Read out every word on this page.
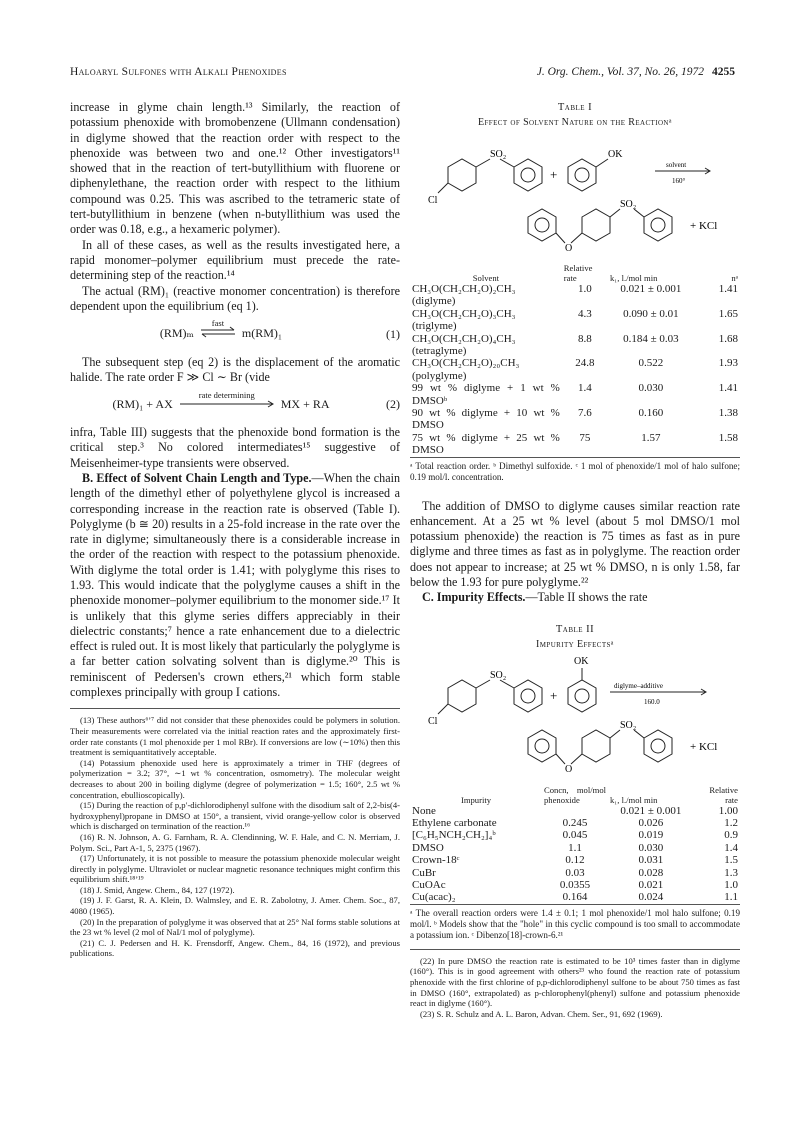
Haloaryl Sulfones with Alkali Phenoxides	J. Org. Chem., Vol. 37, No. 26, 1972 4255

increase in glyme chain length.¹³ Similarly, the reaction of potassium phenoxide with bromobenzene (Ullmann condensation) in diglyme showed that the reaction order with respect to the phenoxide was between two and one.¹² Other investigators¹¹ showed that in the reaction of tert-butyllithium with fluorene or diphenylethane, the reaction order with respect to the lithium compound was 0.25. This was ascribed to the tetrameric state of tert-butyllithium in benzene (when n-butyllithium was used the order was 0.18, e.g., a hexameric polymer).

In all of these cases, as well as the results investigated here, a rapid monomer–polymer equilibrium must precede the rate-determining step of the reaction.¹⁴

The actual (RM)₁ (reactive monomer concentration) is therefore dependent upon the equilibrium (eq 1).

(RM)ₘ
fast
m(RM)₁	(1)

The subsequent step (eq 2) is the displacement of the aromatic halide. The rate order F ≫ Cl ∼ Br (vide

(RM)₁ + AX
rate determining
MX + RA	(2)

infra, Table III) suggests that the phenoxide bond formation is the critical step.³ No colored intermediates¹⁵ suggestive of Meisenheimer-type transients were observed.

B. Effect of Solvent Chain Length and Type.—When the chain length of the dimethyl ether of polyethylene glycol is increased a corresponding increase in the reaction rate is observed (Table I). Polyglyme (b ≅ 20) results in a 25-fold increase in the rate over the rate in diglyme; simultaneously there is a considerable increase in the order of the reaction with respect to the potassium phenoxide. With diglyme the total order is 1.41; with polyglyme this rises to 1.93. This would indicate that the polyglyme causes a shift in the phenoxide monomer–polymer equilibrium to the monomer side.¹⁷ It is unlikely that this glyme series differs appreciably in their dielectric constants;⁷ hence a rate enhancement due to a dielectric effect is ruled out. It is most likely that particularly the polyglyme is a far better cation solvating solvent than is diglyme.²⁰ This is reminiscent of Pedersen's crown ethers,²¹ which form stable complexes principally with group I cations.

(13) These authors⁶ʼ⁷ did not consider that these phenoxides could be polymers in solution. Their measurements were correlated via the initial reaction rates and the approximately first-order rate constants (1 mol phenoxide per 1 mol RBr). If conversions are low (∼10%) then this treatment is semiquantitatively acceptable.

(14) Potassium phenoxide used here is approximately a trimer in THF (degrees of polymerization = 3.2; 37°, ∼1 wt % concentration, osmometry). The molecular weight decreases to about 200 in boiling diglyme (degree of polymerization = 1.5; 160°, 2.5 wt % concentration, ebullioscopically).

(15) During the reaction of p,p′-dichlorodiphenyl sulfone with the disodium salt of 2,2-bis(4-hydroxyphenyl)propane in DMSO at 150°, a transient, vivid orange-yellow color is observed which is discharged on termination of the reaction.¹⁶

(16) R. N. Johnson, A. G. Farnham, R. A. Clendinning, W. F. Hale, and C. N. Merriam, J. Polym. Sci., Part A-1, 5, 2375 (1967).

(17) Unfortunately, it is not possible to measure the potassium phenoxide molecular weight directly in polyglyme. Ultraviolet or nuclear magnetic resonance techniques might confirm this equilibrium shift.¹⁸ʼ¹⁹

(18) J. Smid, Angew. Chem., 84, 127 (1972).

(19) J. F. Garst, R. A. Klein, D. Walmsley, and E. R. Zabolotny, J. Amer. Chem. Soc., 87, 4080 (1965).

(20) In the preparation of polyglyme it was observed that at 25° NaI forms stable solutions at the 23 wt % level (2 mol of NaI/1 mol of polyglyme).

(21) C. J. Pedersen and H. K. Frensdorff, Angew. Chem., 84, 16 (1972), and previous publications.

Table I
Effect of Solvent Nature on the Reactionᵃ
SO₂
Cl
+
OK
solvent
160°
O
SO₂
+ KCl
Solvent	Relative rate	k₁, l./mol min	nᵃ
CH₃O(CH₂CH₂O)₂CH₃ (diglyme)	1.0	0.021 ± 0.001	1.41
CH₃O(CH₂CH₂O)₃CH₃ (triglyme)	4.3	0.090 ± 0.01	1.65
CH₃O(CH₂CH₂O)₄CH₃ (tetraglyme)	8.8	0.184 ± 0.03	1.68
CH₃O(CH₂CH₂O)₂₀CH₃ (polyglyme)	24.8	0.522	1.93
99 wt % diglyme + 1 wt % DMSOᵇ	1.4	0.030	1.41
90 wt % diglyme + 10 wt % DMSO	7.6	0.160	1.38
75 wt % diglyme + 25 wt % DMSO	75	1.57	1.58
ᵃ Total reaction order. ᵇ Dimethyl sulfoxide. ᶜ 1 mol of phenoxide/1 mol of halo sulfone; 0.19 mol/l. concentration.

The addition of DMSO to diglyme causes similar reaction rate enhancement. At a 25 wt % level (about 5 mol DMSO/1 mol potassium phenoxide) the reaction is 75 times as fast as in pure diglyme and three times as fast as in polyglyme. The reaction order does not appear to increase; at 25 wt % DMSO, n is only 1.58, far below the 1.93 for pure polyglyme.²²

C. Impurity Effects.—Table II shows the rate

Table II
Impurity Effectsᵃ
SO₂
Cl
+
OK
diglyme–additive
160.0
O
SO₂
+ KCl
Impurity	Concn, mol/mol phenoxide	k₁, l./mol min	Relative rate
None		0.021 ± 0.001	1.00
Ethylene carbonate	0.245	0.026	1.2
[C₆H₅NCH₂CH₂]₄ᵇ	0.045	0.019	0.9
DMSO	1.1	0.030	1.4
Crown-18ᶜ	0.12	0.031	1.5
CuBr	0.03	0.028	1.3
CuOAc	0.0355	0.021	1.0
Cu(acac)₂	0.164	0.024	1.1
ᵃ The overall reaction orders were 1.4 ± 0.1; 1 mol phenoxide/1 mol halo sulfone; 0.19 mol/l. ᵇ Models show that the "hole" in this cyclic compound is too small to accommodate a potassium ion. ᶜ Dibenzo[18]-crown-6.²¹

(22) In pure DMSO the reaction rate is estimated to be 10³ times faster than in diglyme (160°). This is in good agreement with others²³ who found the reaction rate of potassium phenoxide with the first chlorine of p,p-dichlorodiphenyl sulfone to be about 750 times as fast in DMSO (160°, extrapolated) as p-chlorophenyl(phenyl) sulfone and potassium phenoxide react in diglyme (160°).

(23) S. R. Schulz and A. L. Baron, Advan. Chem. Ser., 91, 692 (1969).
